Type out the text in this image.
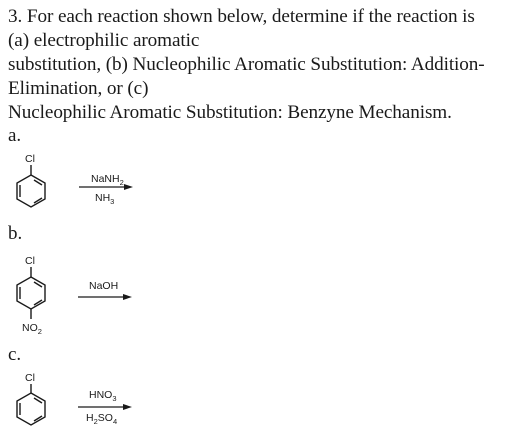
3. For each reaction shown below, determine if the reaction is
(a) electrophilic aromatic
substitution, (b) Nucleophilic Aromatic Substitution: Addition-
Elimination, or (c)
Nucleophilic Aromatic Substitution: Benzyne Mechanism.
a.
b.
c.
Cl
NaNH$_2$
$NH_3$
Cl
$NO_2$
NaOH
Cl
$HNO_3$
$H_2SO_4$
